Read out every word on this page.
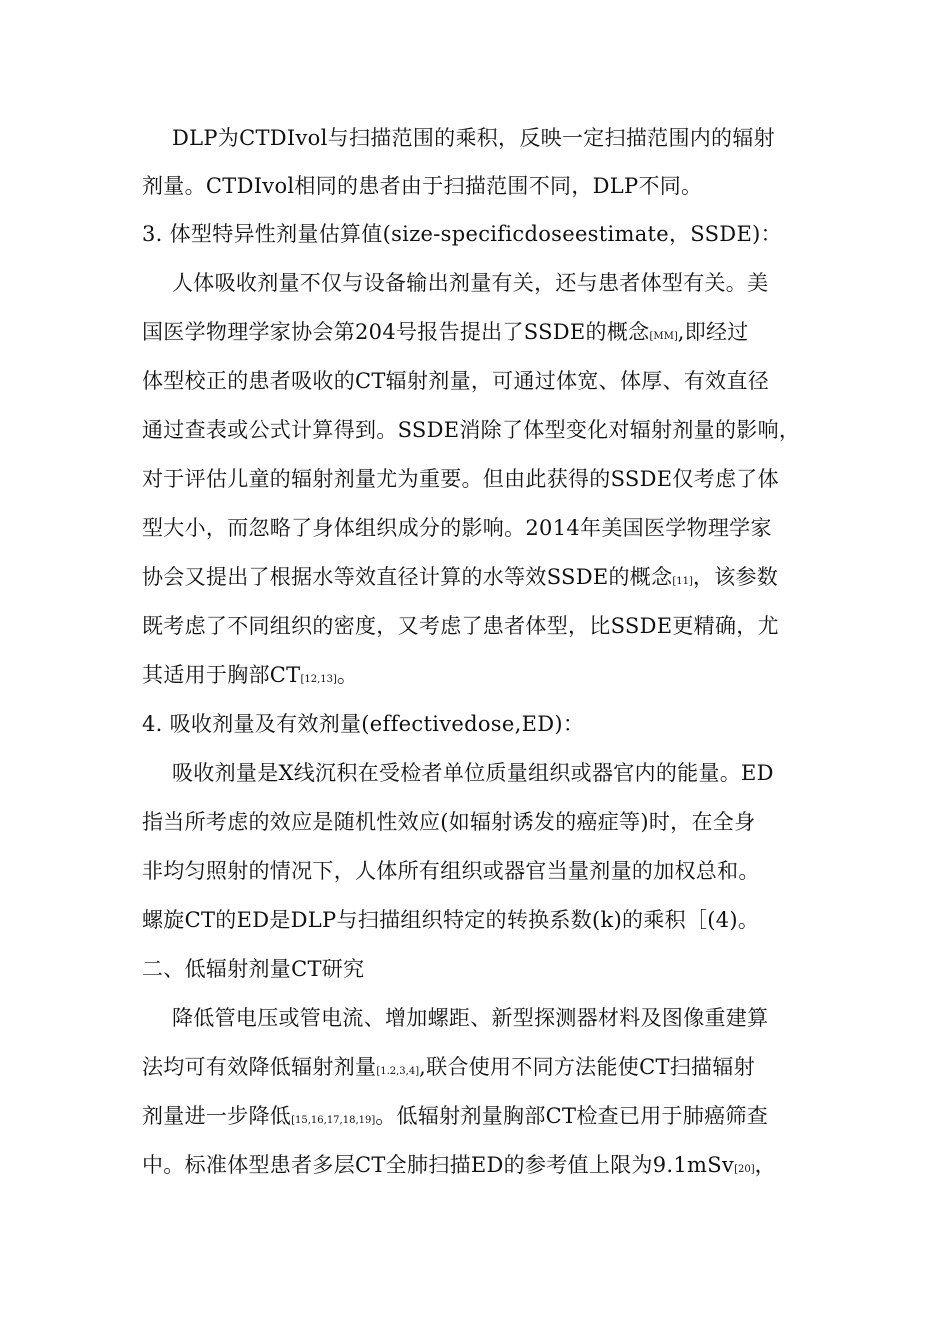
DLP为CTDIvol与扫描范围的乘积，反映一定扫描范围内的辐射
剂量。CTDIvol相同的患者由于扫描范围不同，DLP不同。
3. 体型特异性剂量估算值(size-specificdoseestimate，SSDE)：
人体吸收剂量不仅与设备输出剂量有关，还与患者体型有关。美
国医学物理学家协会第204号报告提出了SSDE的概念[MM],即经过
体型校正的患者吸收的CT辐射剂量，可通过体宽、体厚、有效直径
通过查表或公式计算得到。SSDE消除了体型变化对辐射剂量的影响，
对于评估儿童的辐射剂量尤为重要。但由此获得的SSDE仅考虑了体
型大小，而忽略了身体组织成分的影响。2014年美国医学物理学家
协会又提出了根据水等效直径计算的水等效SSDE的概念[11]，该参数
既考虑了不同组织的密度，又考虑了患者体型，比SSDE更精确，尤
其适用于胸部CT[12,13]。
4. 吸收剂量及有效剂量(effectivedose,ED)：
吸收剂量是X线沉积在受检者单位质量组织或器官内的能量。ED
指当所考虑的效应是随机性效应(如辐射诱发的癌症等)时，在全身
非均匀照射的情况下，人体所有组织或器官当量剂量的加权总和。
螺旋CT的ED是DLP与扫描组织特定的转换系数(k)的乘积［(4)。
二、低辐射剂量CT研究
降低管电压或管电流、增加螺距、新型探测器材料及图像重建算
法均可有效降低辐射剂量[1.2,3,4],联合使用不同方法能使CT扫描辐射
剂量进一步降低[15,16,17,18,19]。低辐射剂量胸部CT检查已用于肺癌筛查
中。标准体型患者多层CT全肺扫描ED的参考值上限为9.1mSv[20]，
